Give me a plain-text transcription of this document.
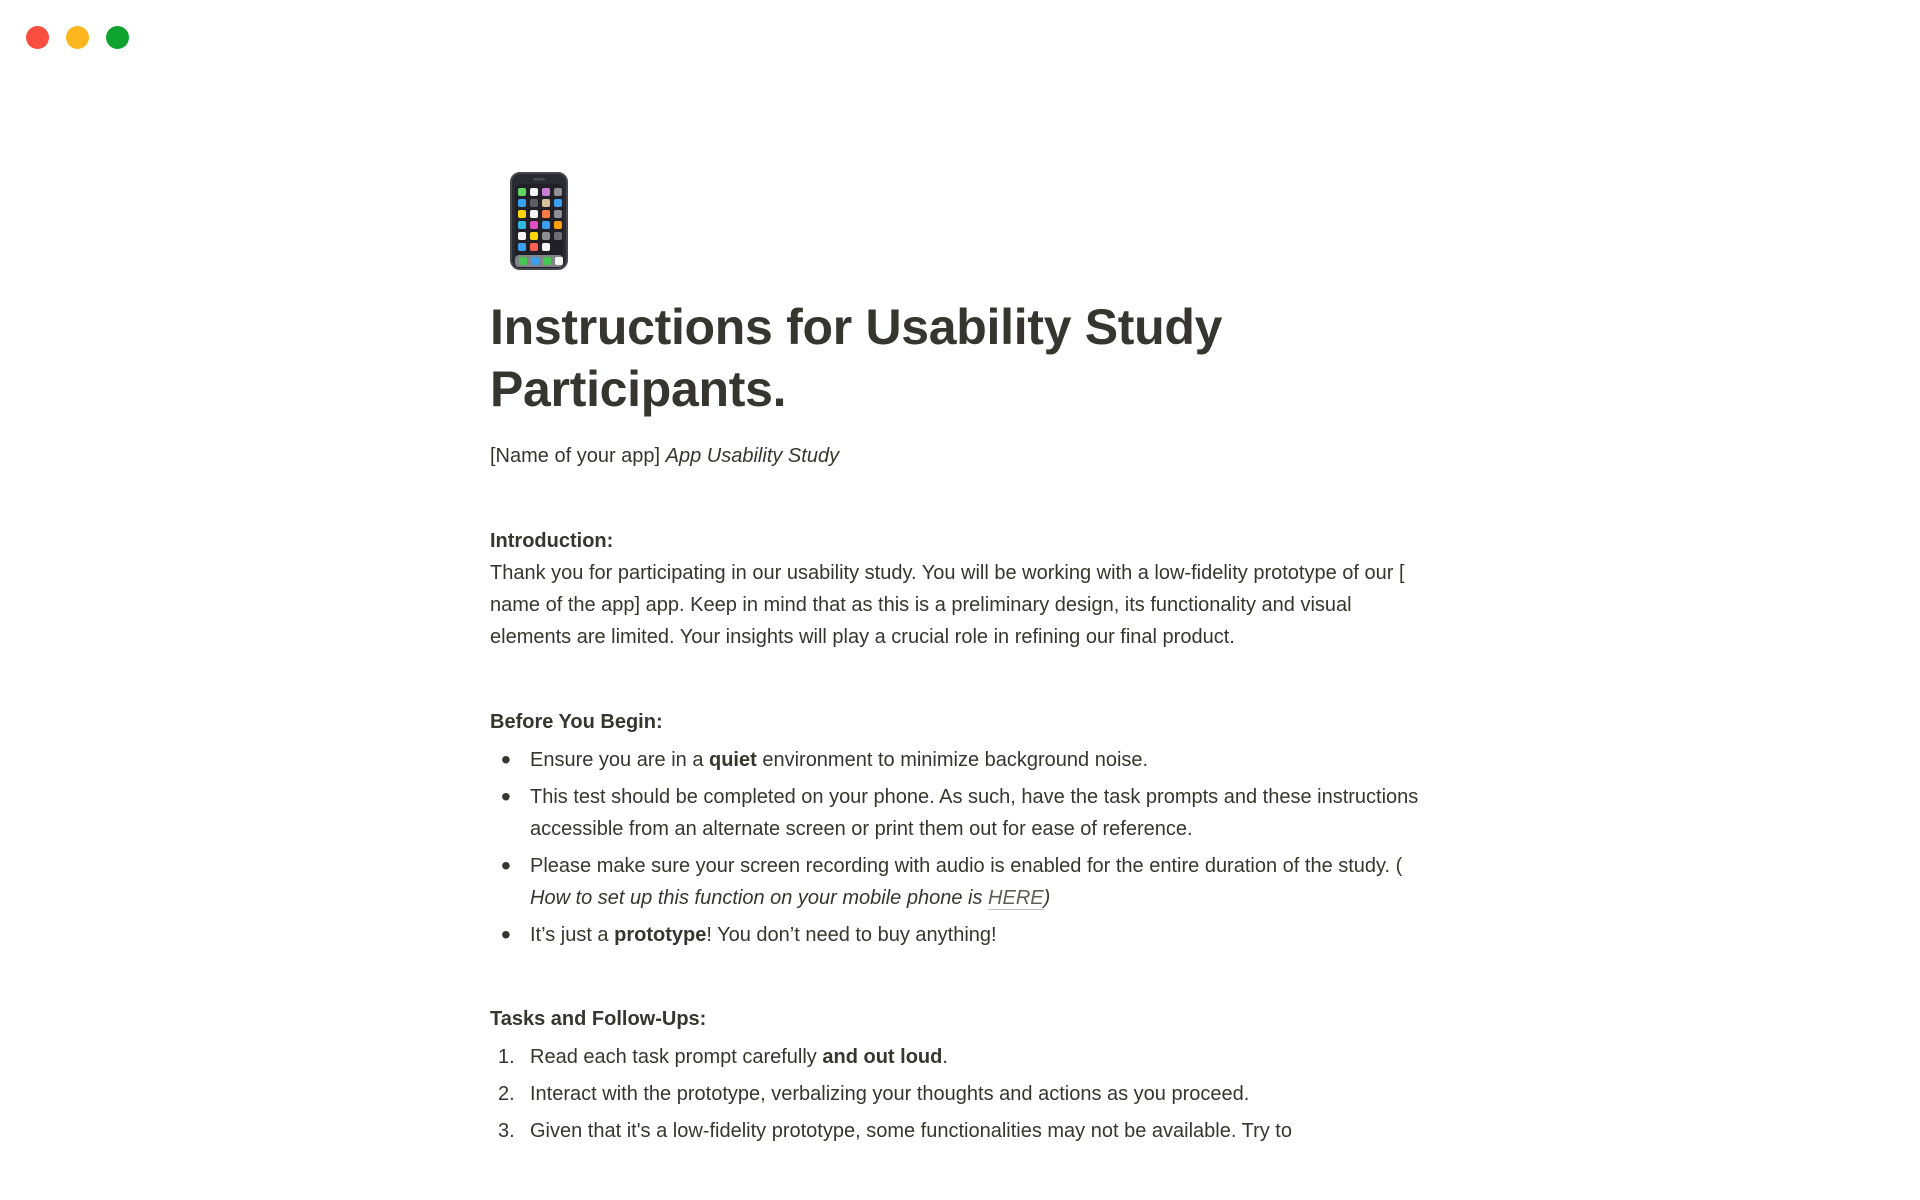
Instructions for Usability Study Participants.

[Name of your app] App Usability Study

Introduction:

Thank you for participating in our usability study. You will be working with a low-fidelity prototype of our [ name of the app] app. Keep in mind that as this is a preliminary design, its functionality and visual elements are limited. Your insights will play a crucial role in refining our final product.

Before You Begin:

• Ensure you are in a quiet environment to minimize background noise.
• This test should be completed on your phone. As such, have the task prompts and these instructions accessible from an alternate screen or print them out for ease of reference.
• Please make sure your screen recording with audio is enabled for the entire duration of the study. ( How to set up this function on your mobile phone is HERE)
• It’s just a prototype! You don’t need to buy anything!

Tasks and Follow-Ups:

1. Read each task prompt carefully and out loud.
2. Interact with the prototype, verbalizing your thoughts and actions as you proceed.
3. Given that it's a low-fidelity prototype, some functionalities may not be available. Try to
